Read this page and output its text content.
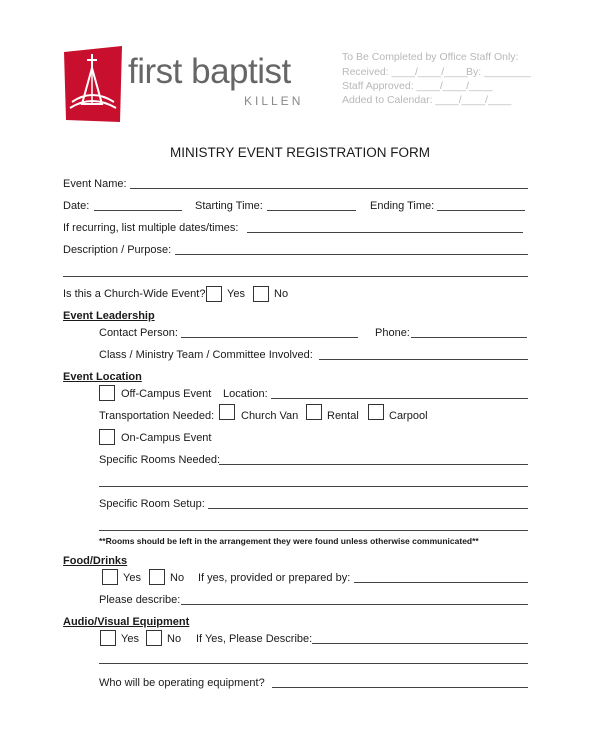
first baptist
KILLEN
To Be Completed by Office Staff Only:
Received: ____/____/____
By: ________
Staff Approved: ____/____/____
Added to Calendar: ____/____/____
MINISTRY EVENT REGISTRATION FORM
Event Name:
Date:	Starting Time:	Ending Time:
If recurring, list multiple dates/times:
Description / Purpose:
Is this a Church-Wide Event? Yes	No
Event Leadership
Contact Person:	Phone:
Class / Ministry Team / Committee Involved:
Event Location
Off-Campus Event Location:
Transportation Needed: Church Van	Rental	Carpool
On-Campus Event
Specific Rooms Needed:
Specific Room Setup:
**Rooms should be left in the arrangement they were found unless otherwise communicated**
Food/Drinks
Yes	No If yes, provided or prepared by:
Please describe:
Audio/Visual Equipment
Yes	No If Yes, Please Describe:
Who will be operating equipment?
